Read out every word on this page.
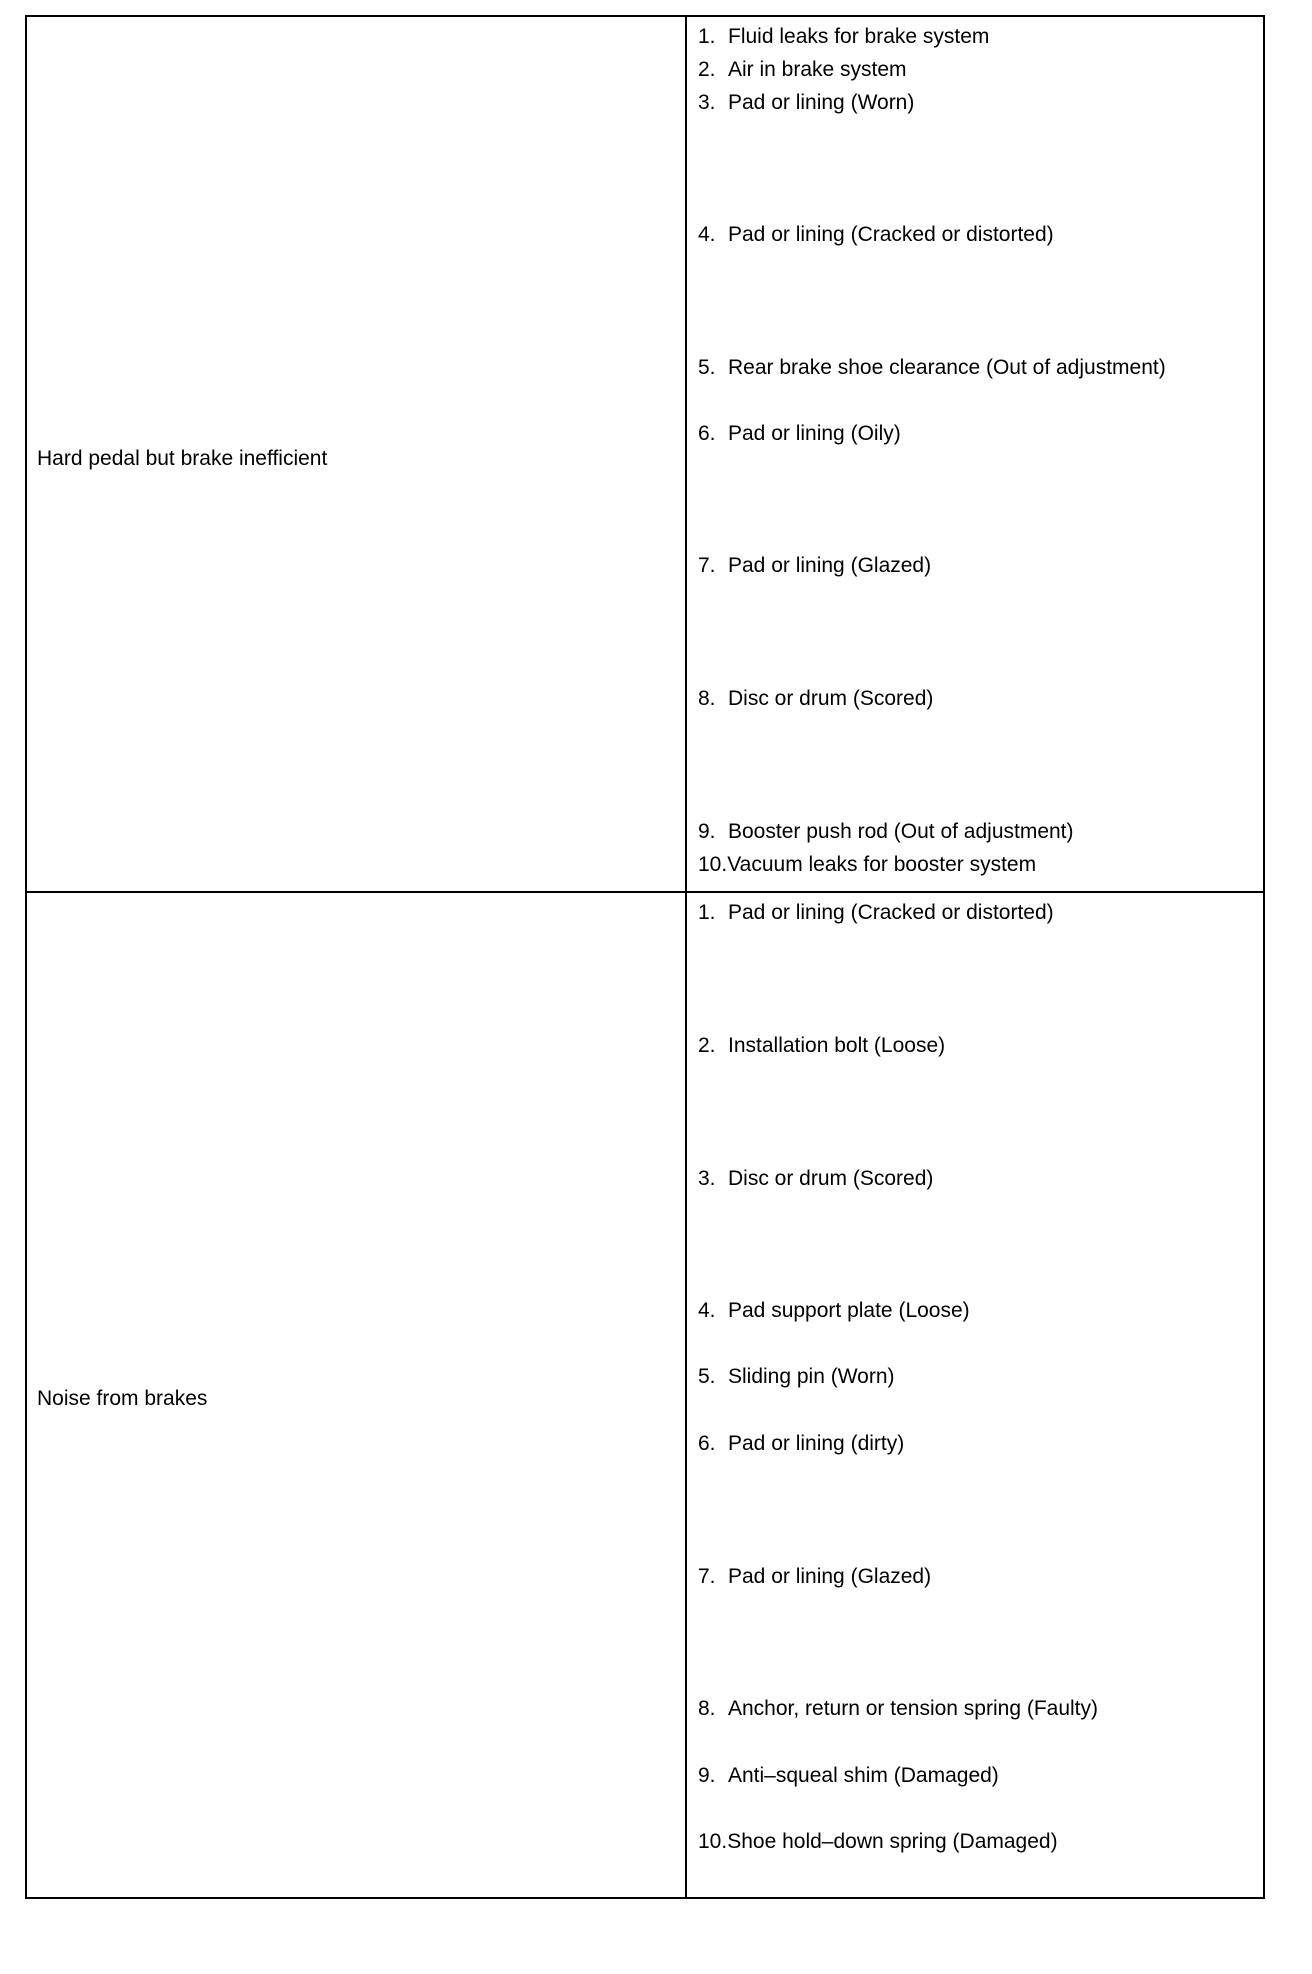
Hard pedal but brake inefficient
1. Fluid leaks for brake system
2. Air in brake system
3. Pad or lining (Worn)
4. Pad or lining (Cracked or distorted)
5. Rear brake shoe clearance (Out of adjustment)
6. Pad or lining (Oily)
7. Pad or lining (Glazed)
8. Disc or drum (Scored)
9. Booster push rod (Out of adjustment)
10.Vacuum leaks for booster system
Noise from brakes
1. Pad or lining (Cracked or distorted)
2. Installation bolt (Loose)
3. Disc or drum (Scored)
4. Pad support plate (Loose)
5. Sliding pin (Worn)
6. Pad or lining (dirty)
7. Pad or lining (Glazed)
8. Anchor, return or tension spring (Faulty)
9. Anti–squeal shim (Damaged)
10.Shoe hold–down spring (Damaged)
